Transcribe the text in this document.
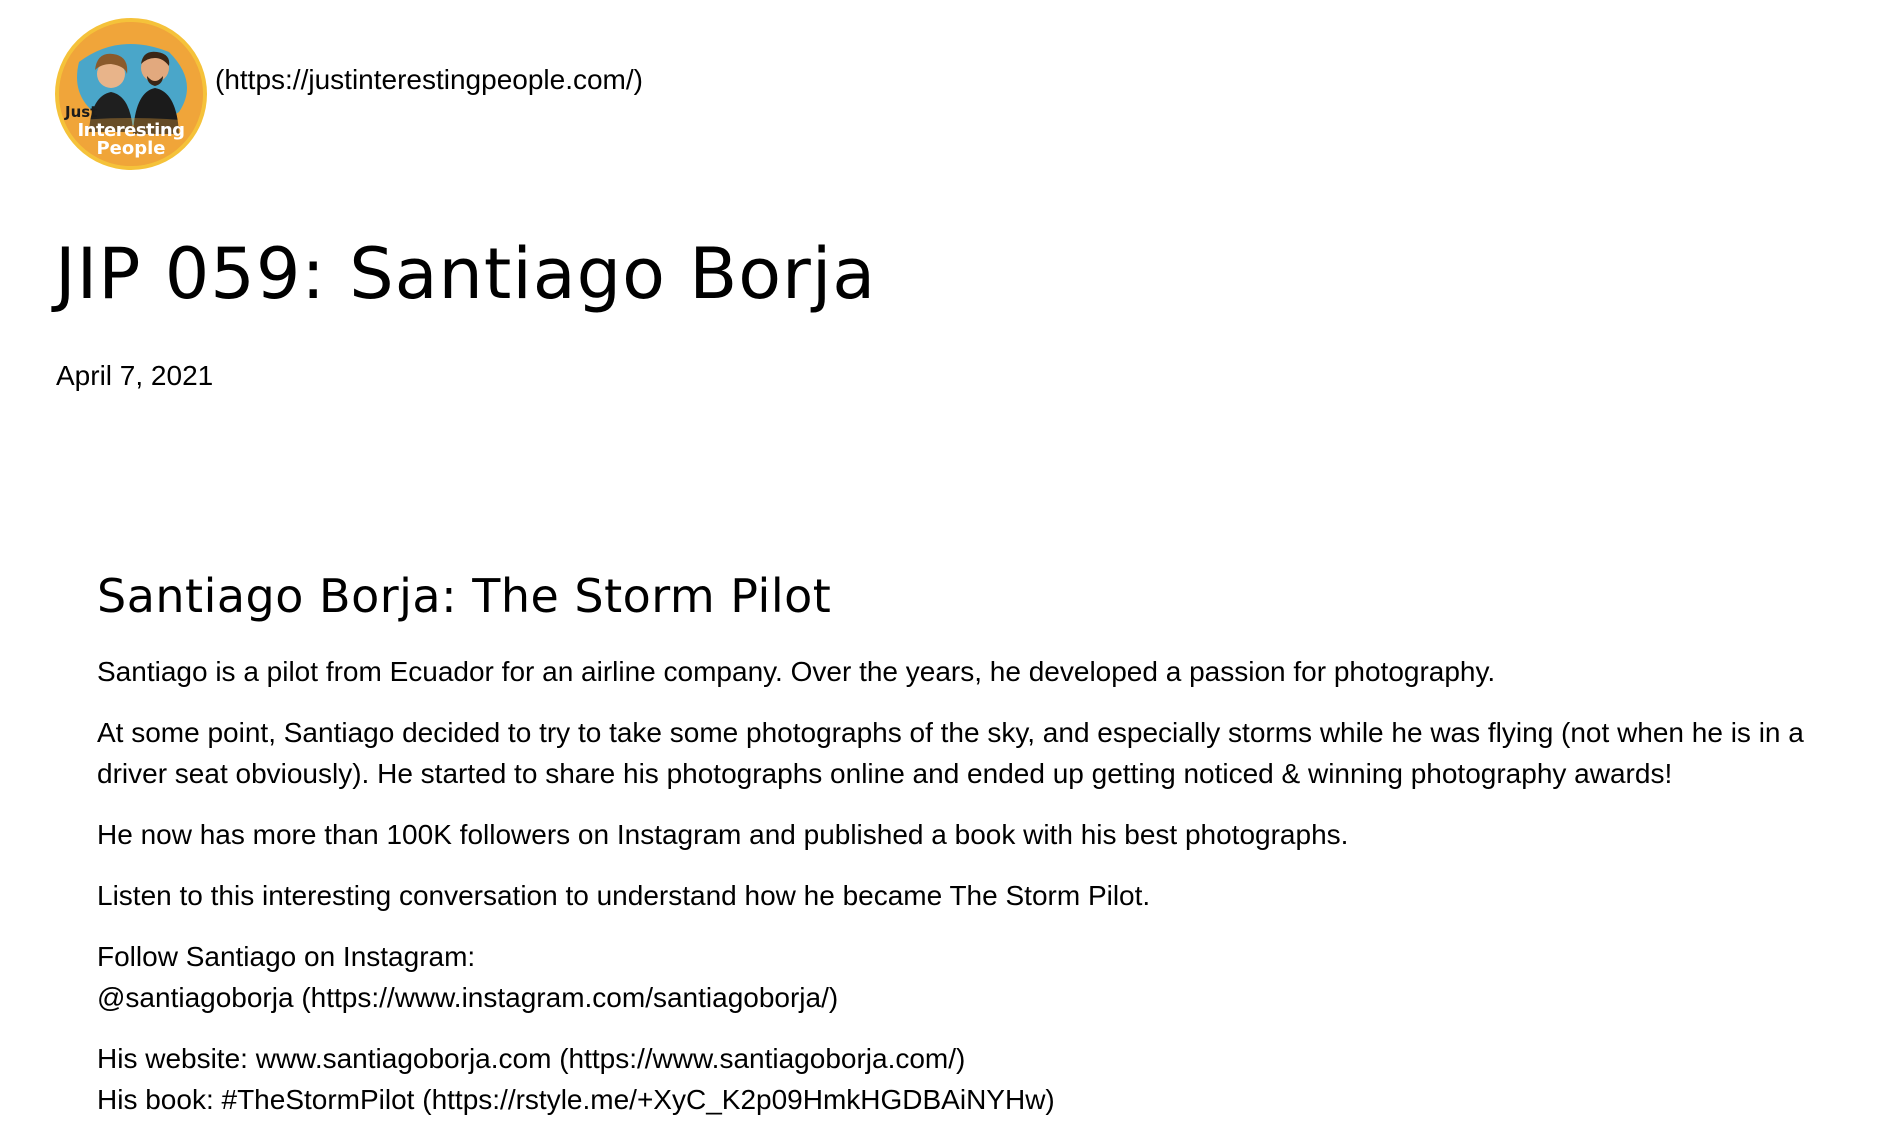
Just
Interesting
People
(https://justinterestingpeople.com/)
JIP 059: Santiago Borja
April 7, 2021
Santiago Borja: The Storm Pilot

Santiago is a pilot from Ecuador for an airline company. Over the years, he developed a passion for photography.

At some point, Santiago decided to try to take some photographs of the sky, and especially storms while he was flying (not when he is in a driver seat obviously). He started to share his photographs online and ended up getting noticed & winning photography awards!

He now has more than 100K followers on Instagram and published a book with his best photographs.

Listen to this interesting conversation to understand how he became The Storm Pilot.

Follow Santiago on Instagram:
@santiagoborja (https://www.instagram.com/santiagoborja/)

His website: www.santiagoborja.com (https://www.santiagoborja.com/)
His book: #TheStormPilot (https://rstyle.me/+XyC_K2p09HmkHGDBAiNYHw)
